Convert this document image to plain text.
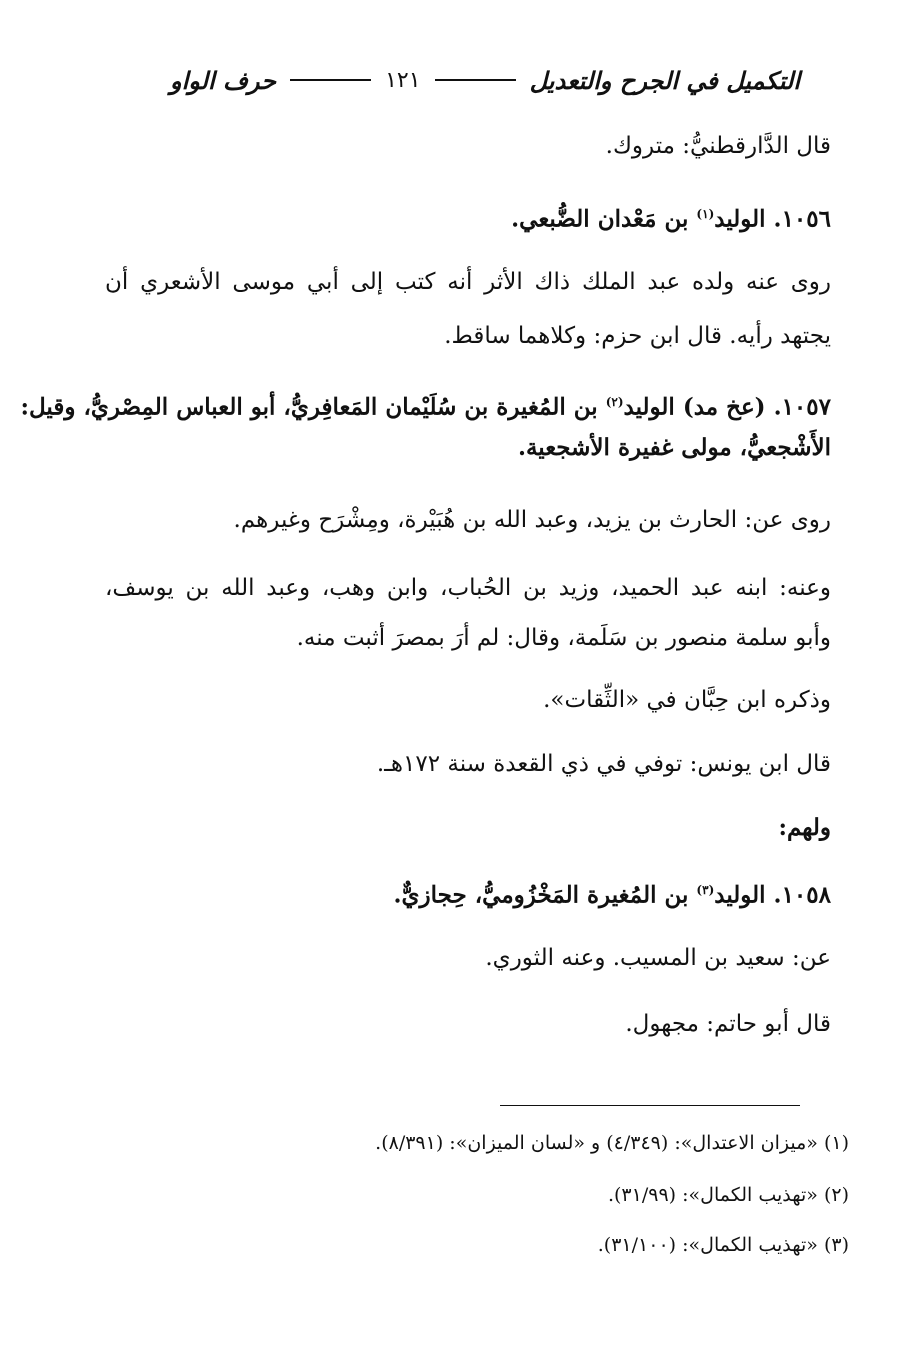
التكميل في الجرح والتعديل
١٢١
حرف الواو
قال الدَّارقطنيُّ: متروك.
١٠٥٦. الوليد$^{(١)}$ بن مَعْدان الضُّبعي.
روى عنه ولده عبد الملك ذاك الأثر أنه كتب إلى أبي موسى الأشعري أن
يجتهد رأيه. قال ابن حزم: وكلاهما ساقط.
١٠٥٧. (عخ مد) الوليد$^{(٢)}$ بن المُغيرة بن سُلَيْمان المَعافِريُّ، أبو العباس المِصْريُّ، وقيل:
الأَشْجعيُّ، مولى غفيرة الأشجعية.
روى عن: الحارث بن يزيد، وعبد الله بن هُبَيْرة، ومِشْرَح وغيرهم.
وعنه: ابنه عبد الحميد، وزيد بن الحُباب، وابن وهب، وعبد الله بن يوسف،
وأبو سلمة منصور بن سَلَمة، وقال: لم أرَ بمصرَ أثبت منه.
وذكره ابن حِبَّان في «الثِّقات».
قال ابن يونس: توفي في ذي القعدة سنة ١٧٢هـ.
ولهم:
١٠٥٨. الوليد$^{(٣)}$ بن المُغيرة المَخْزُوميُّ، حِجازيٌّ.
عن: سعيد بن المسيب. وعنه الثوري.
قال أبو حاتم: مجهول.
(١) «ميزان الاعتدال»: (٤/٣٤٩) و «لسان الميزان»: (٨/٣٩١).
(٢) «تهذيب الكمال»: (٣١/٩٩).
(٣) «تهذيب الكمال»: (٣١/١٠٠).
